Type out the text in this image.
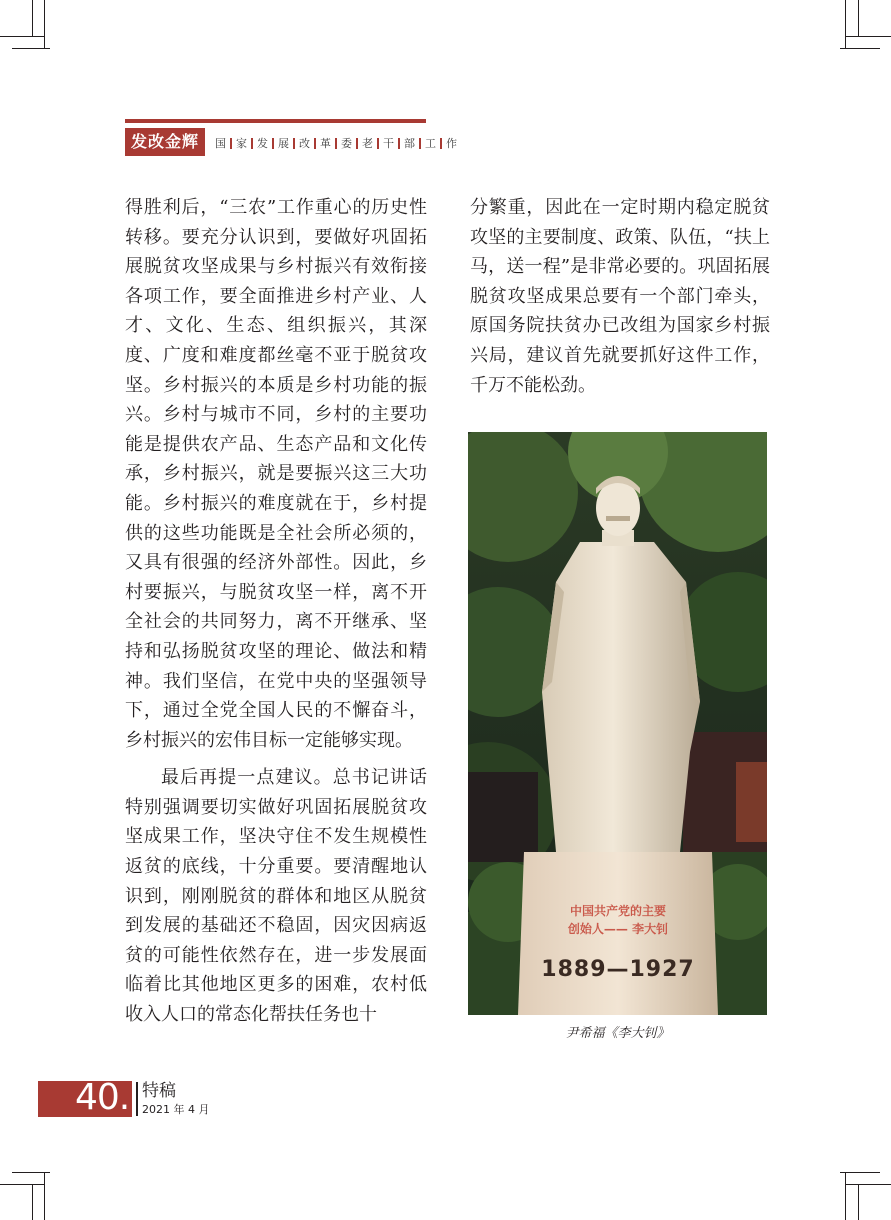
发改金辉	国 家 发 展 改 革 委 老 干 部 工 作

得胜利后，“三农”工作重心的历史性转移。要充分认识到，要做好巩固拓展脱贫攻坚成果与乡村振兴有效衔接各项工作，要全面推进乡村产业、人才、文化、生态、组织振兴，其深度、广度和难度都丝毫不亚于脱贫攻坚。乡村振兴的本质是乡村功能的振兴。乡村与城市不同，乡村的主要功能是提供农产品、生态产品和文化传承，乡村振兴，就是要振兴这三大功能。乡村振兴的难度就在于，乡村提供的这些功能既是全社会所必须的，又具有很强的经济外部性。因此，乡村要振兴，与脱贫攻坚一样，离不开全社会的共同努力，离不开继承、坚持和弘扬脱贫攻坚的理论、做法和精神。我们坚信，在党中央的坚强领导下，通过全党全国人民的不懈奋斗，乡村振兴的宏伟目标一定能够实现。

最后再提一点建议。总书记讲话特别强调要切实做好巩固拓展脱贫攻坚成果工作，坚决守住不发生规模性返贫的底线，十分重要。要清醒地认识到，刚刚脱贫的群体和地区从脱贫到发展的基础还不稳固，因灾因病返贫的可能性依然存在，进一步发展面临着比其他地区更多的困难，农村低收入人口的常态化帮扶任务也十

分繁重，因此在一定时期内稳定脱贫攻坚的主要制度、政策、队伍，“扶上马，送一程”是非常必要的。巩固拓展脱贫攻坚成果总要有一个部门牵头，原国务院扶贫办已改组为国家乡村振兴局，建议首先就要抓好这件工作，千万不能松劲。

中国共产党的主要
创始人—— 李大钊
1889—1927
尹希福《李大钊》
40. 特稿
2021 年 4 月
